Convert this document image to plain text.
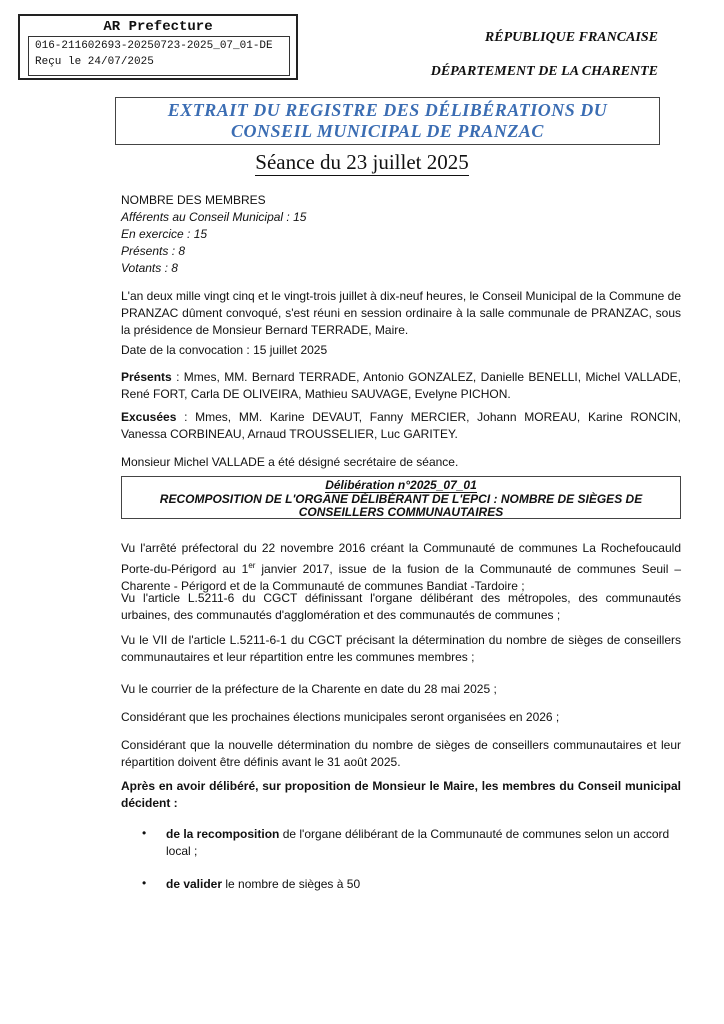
AR Prefecture
016-211602693-20250723-2025_07_01-DE
Reçu le 24/07/2025
RÉPUBLIQUE FRANCAISE
DÉPARTEMENT DE LA CHARENTE
EXTRAIT DU REGISTRE DES DÉLIBÉRATIONS DU
CONSEIL MUNICIPAL DE PRANZAC
Séance du 23 juillet 2025
NOMBRE DES MEMBRES
Afférents au Conseil Municipal : 15
En exercice : 15
Présents : 8
Votants : 8
L'an deux mille vingt cinq et le vingt-trois juillet à dix-neuf heures, le Conseil Municipal de la Commune de PRANZAC dûment convoqué, s'est réuni en session ordinaire à la salle communale de PRANZAC, sous la présidence de Monsieur Bernard TERRADE, Maire.
Date de la convocation : 15 juillet 2025
Présents : Mmes, MM. Bernard TERRADE, Antonio GONZALEZ, Danielle BENELLI, Michel VALLADE, René FORT, Carla DE OLIVEIRA, Mathieu SAUVAGE, Evelyne PICHON.
Excusées : Mmes, MM. Karine DEVAUT, Fanny MERCIER, Johann MOREAU, Karine RONCIN, Vanessa CORBINEAU, Arnaud TROUSSELIER, Luc GARITEY.
Monsieur Michel VALLADE a été désigné secrétaire de séance.
Délibération n°2025_07_01
RECOMPOSITION DE L'ORGANE DÉLIBÉRANT DE L'EPCI : NOMBRE DE SIÈGES DE
CONSEILLERS COMMUNAUTAIRES
Vu l'arrêté préfectoral du 22 novembre 2016 créant la Communauté de communes La Rochefoucauld Porte-du-Périgord au 1er janvier 2017, issue de la fusion de la Communauté de communes Seuil – Charente - Périgord et de la Communauté de communes Bandiat -Tardoire ;
Vu l'article L.5211-6 du CGCT définissant l'organe délibérant des métropoles, des communautés urbaines, des communautés d'agglomération et des communautés de communes ;
Vu le VII de l'article L.5211-6-1 du CGCT précisant la détermination du nombre de sièges de conseillers communautaires et leur répartition entre les communes membres ;
Vu le courrier de la préfecture de la Charente en date du 28 mai 2025 ;
Considérant que les prochaines élections municipales seront organisées en 2026 ;
Considérant que la nouvelle détermination du nombre de sièges de conseillers communautaires et leur répartition doivent être définis avant le 31 août 2025.
Après en avoir délibéré, sur proposition de Monsieur le Maire, les membres du Conseil municipal décident :
• de la recomposition de l'organe délibérant de la Communauté de communes selon un accord local ;
• de valider le nombre de sièges à 50
